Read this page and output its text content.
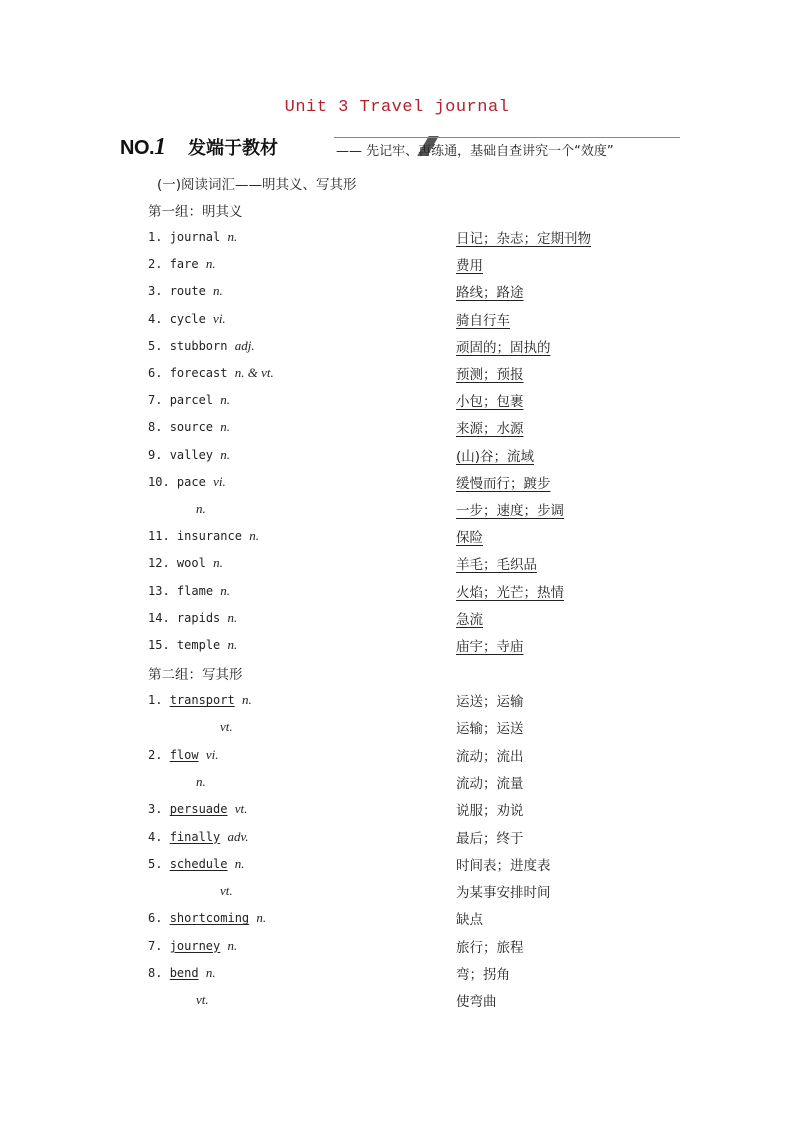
Unit 3 Travel journal
NO.1 发端于教材	—— 先记牢、再练通，基础自查讲究一个“效度”
(一)阅读词汇——明其义、写其形
第一组：明其义
1. journal n.	日记；杂志；定期刊物
2. fare n.	费用
3. route n.	路线；路途
4. cycle vi.	骑自行车
5. stubborn adj.	顽固的；固执的
6. forecast n. & vt.	预测；预报
7. parcel n.	小包；包裹
8. source n.	来源；水源
9. valley n.	(山)谷；流域
10. pace vi.	缓慢而行；踱步
n.	一步；速度；步调
11. insurance n.	保险
12. wool n.	羊毛；毛织品
13. flame n.	火焰；光芒；热情
14. rapids n.	急流
15. temple n.	庙宇；寺庙
第二组：写其形
1. transport n.	运送；运输
vt.	运输；运送
2. flow vi.	流动；流出
n.	流动；流量
3. persuade vt.	说服；劝说
4. finally adv.	最后；终于
5. schedule n.	时间表；进度表
vt.	为某事安排时间
6. shortcoming n.	缺点
7. journey n.	旅行；旅程
8. bend n.	弯；拐角
vt.	使弯曲
